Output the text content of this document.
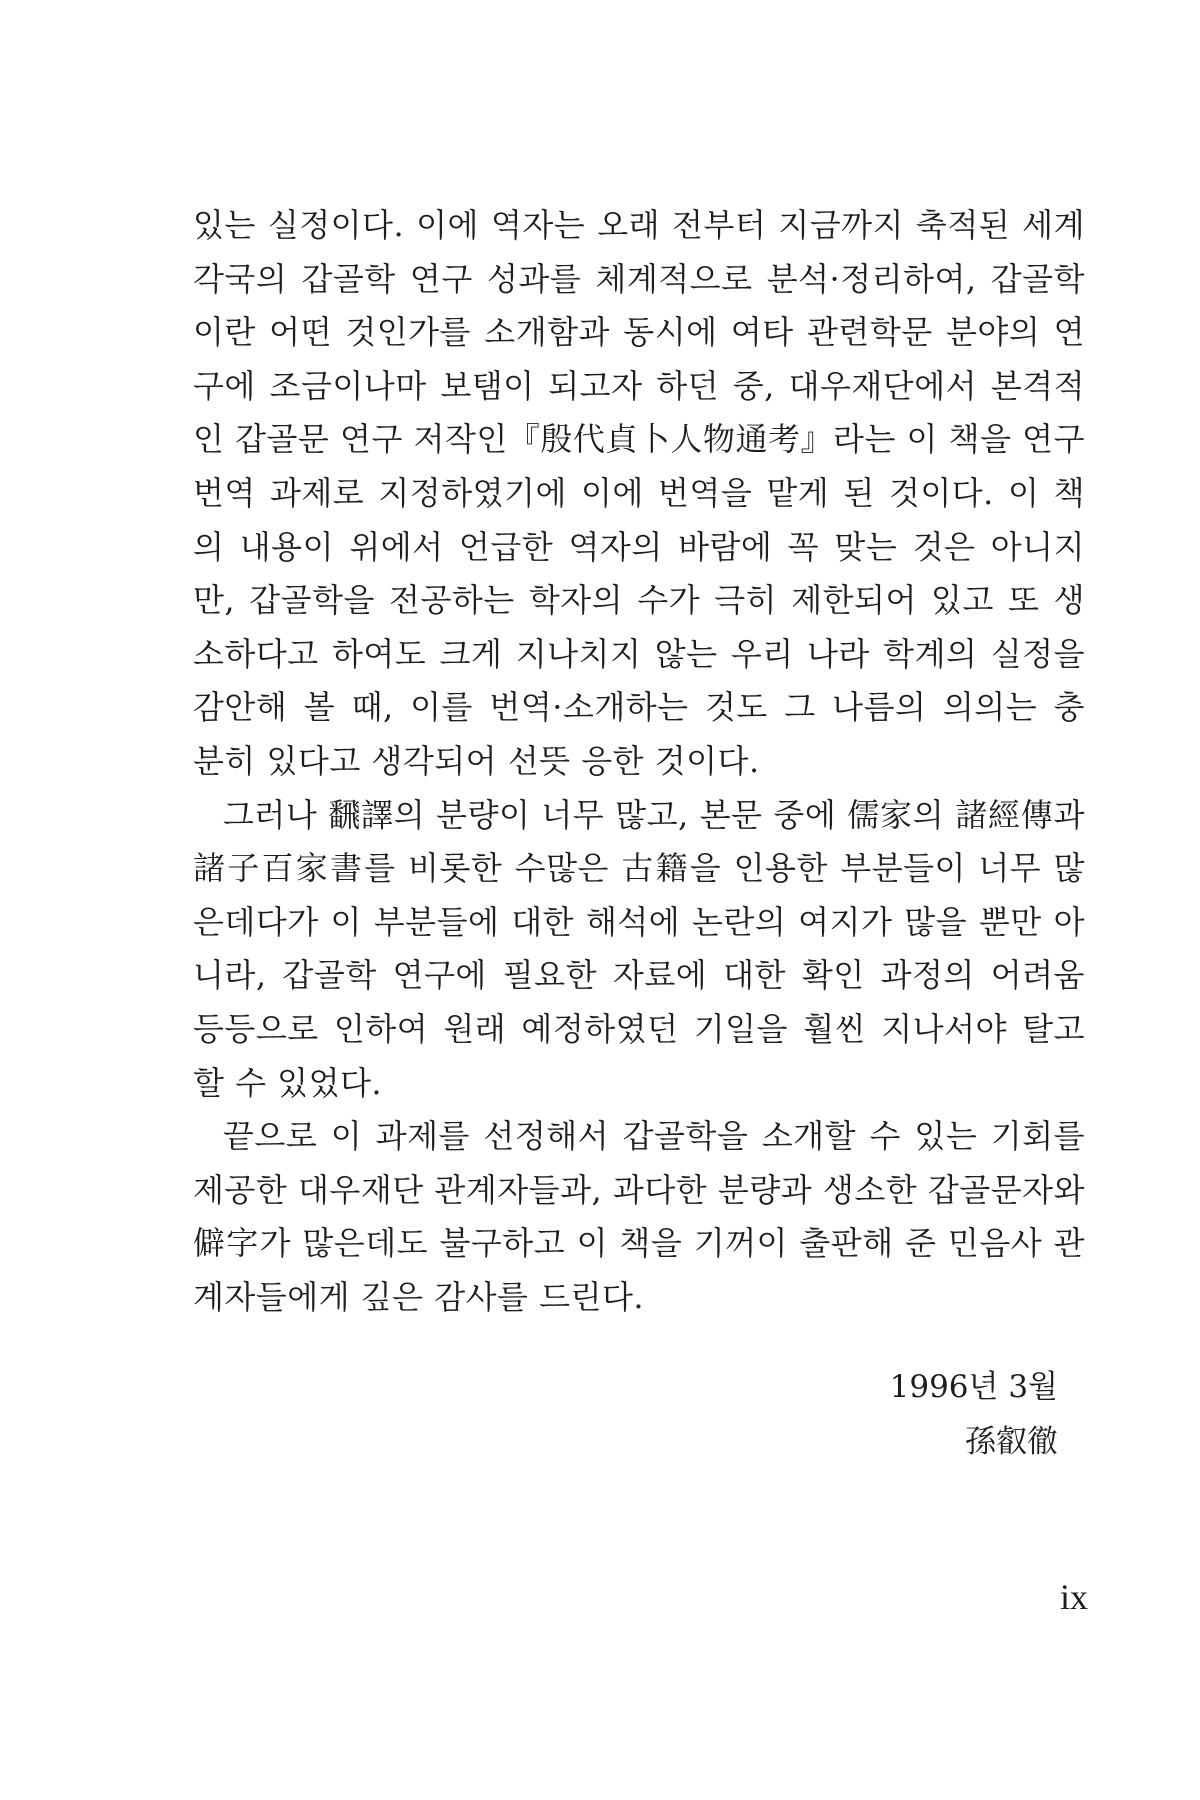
있는 실정이다. 이에 역자는 오래 전부터 지금까지 축적된 세계
각국의 갑골학 연구 성과를 체계적으로 분석·정리하여, 갑골학
이란 어떤 것인가를 소개함과 동시에 여타 관련학문 분야의 연
구에 조금이나마 보탬이 되고자 하던 중, 대우재단에서 본격적
인 갑골문 연구 저작인『殷代貞卜人物通考』라는 이 책을 연구
번역 과제로 지정하였기에 이에 번역을 맡게 된 것이다. 이 책
의 내용이 위에서 언급한 역자의 바람에 꼭 맞는 것은 아니지
만, 갑골학을 전공하는 학자의 수가 극히 제한되어 있고 또 생
소하다고 하여도 크게 지나치지 않는 우리 나라 학계의 실정을
감안해 볼 때, 이를 번역·소개하는 것도 그 나름의 의의는 충
분히 있다고 생각되어 선뜻 응한 것이다.
그러나 飜譯의 분량이 너무 많고, 본문 중에 儒家의 諸經傳과
諸子百家書를 비롯한 수많은 古籍을 인용한 부분들이 너무 많
은데다가 이 부분들에 대한 해석에 논란의 여지가 많을 뿐만 아
니라, 갑골학 연구에 필요한 자료에 대한 확인 과정의 어려움
등등으로 인하여 원래 예정하였던 기일을 훨씬 지나서야 탈고
할 수 있었다.
끝으로 이 과제를 선정해서 갑골학을 소개할 수 있는 기회를
제공한 대우재단 관계자들과, 과다한 분량과 생소한 갑골문자와
僻字가 많은데도 불구하고 이 책을 기꺼이 출판해 준 민음사 관
계자들에게 깊은 감사를 드린다.
1996년 3월
孫叡徹
ix
